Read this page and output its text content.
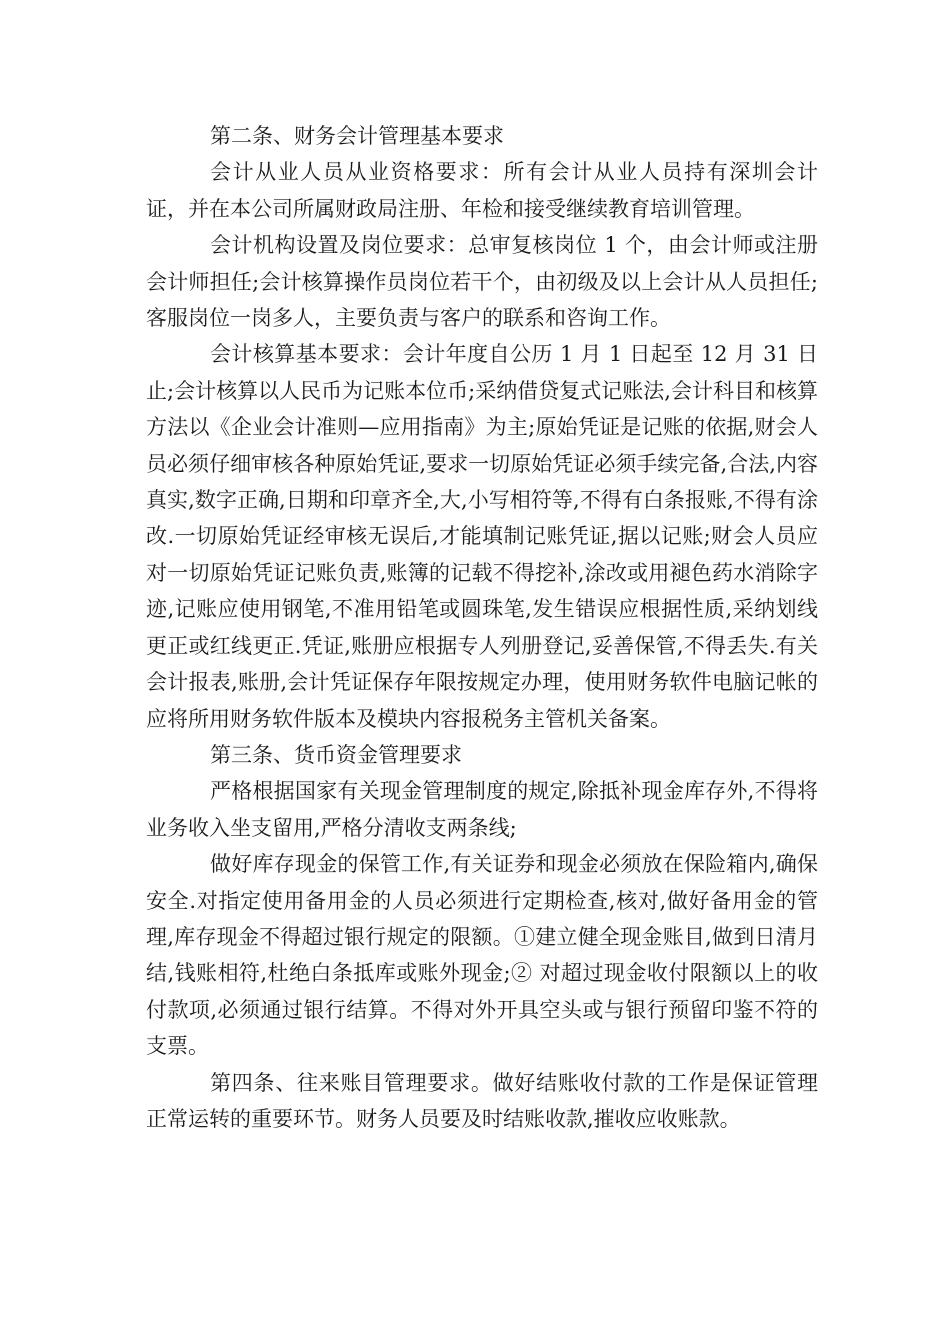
第二条、财务会计管理基本要求

会计从业人员从业资格要求：所有会计从业人员持有深圳会计证，并在本公司所属财政局注册、年检和接受继续教育培训管理。

会计机构设置及岗位要求：总审复核岗位 1 个，由会计师或注册会计师担任;会计核算操作员岗位若干个，由初级及以上会计从人员担任;客服岗位一岗多人，主要负责与客户的联系和咨询工作。

会计核算基本要求：会计年度自公历 1 月 1 日起至 12 月 31 日止;会计核算以人民币为记账本位币;采纳借贷复式记账法,会计科目和核算方法以《企业会计准则—应用指南》为主;原始凭证是记账的依据,财会人员必须仔细审核各种原始凭证,要求一切原始凭证必须手续完备,合法,内容真实,数字正确,日期和印章齐全,大,小写相符等,不得有白条报账,不得有涂改.一切原始凭证经审核无误后,才能填制记账凭证,据以记账;财会人员应对一切原始凭证记账负责,账簿的记载不得挖补,涂改或用褪色药水消除字迹,记账应使用钢笔,不准用铅笔或圆珠笔,发生错误应根据性质,采纳划线更正或红线更正.凭证,账册应根据专人列册登记,妥善保管,不得丢失.有关会计报表,账册,会计凭证保存年限按规定办理，使用财务软件电脑记帐的应将所用财务软件版本及模块内容报税务主管机关备案。

第三条、货币资金管理要求

严格根据国家有关现金管理制度的规定,除抵补现金库存外,不得将业务收入坐支留用,严格分清收支两条线;

做好库存现金的保管工作,有关证券和现金必须放在保险箱内,确保安全.对指定使用备用金的人员必须进行定期检查,核对,做好备用金的管理,库存现金不得超过银行规定的限额。①建立健全现金账目,做到日清月结,钱账相符,杜绝白条抵库或账外现金;② 对超过现金收付限额以上的收付款项,必须通过银行结算。不得对外开具空头或与银行预留印鉴不符的支票。

第四条、往来账目管理要求。做好结账收付款的工作是保证管理正常运转的重要环节。财务人员要及时结账收款,摧收应收账款。
